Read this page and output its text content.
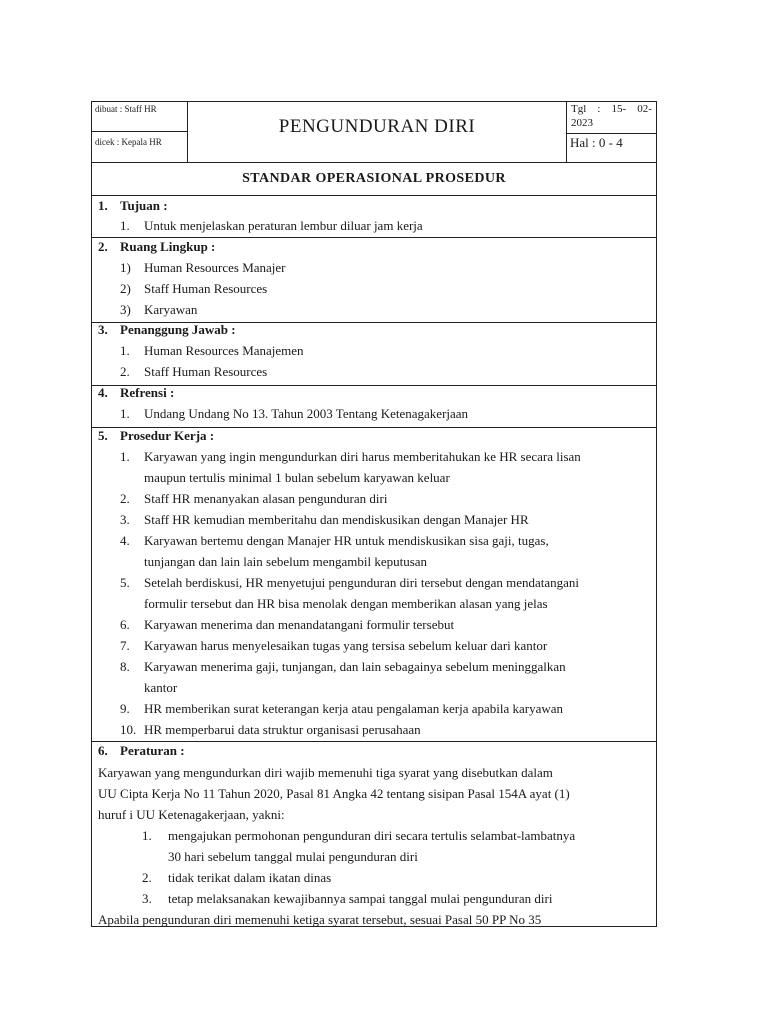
dibuat : Staff HR
dicek : Kepala HR
PENGUNDURAN DIRI
Tgl : 15- 02-
2023
Hal : 0 - 4
STANDAR OPERASIONAL PROSEDUR
1. Tujuan :
1. Untuk menjelaskan peraturan lembur diluar jam kerja
2. Ruang Lingkup :
1) Human Resources Manajer
2) Staff Human Resources
3) Karyawan
3. Penanggung Jawab :
1. Human Resources Manajemen
2. Staff Human Resources
4. Refrensi :
1. Undang Undang No 13. Tahun 2003 Tentang Ketenagakerjaan
5. Prosedur Kerja :
1. Karyawan yang ingin mengundurkan diri harus memberitahukan ke HR secara lisan
maupun tertulis minimal 1 bulan sebelum karyawan keluar
2. Staff HR menanyakan alasan pengunduran diri
3. Staff HR kemudian memberitahu dan mendiskusikan dengan Manajer HR
4. Karyawan bertemu dengan Manajer HR untuk mendiskusikan sisa gaji, tugas,
tunjangan dan lain lain sebelum mengambil keputusan
5. Setelah berdiskusi, HR menyetujui pengunduran diri tersebut dengan mendatangani
formulir tersebut dan HR bisa menolak dengan memberikan alasan yang jelas
6. Karyawan menerima dan menandatangani formulir tersebut
7. Karyawan harus menyelesaikan tugas yang tersisa sebelum keluar dari kantor
8. Karyawan menerima gaji, tunjangan, dan lain sebagainya sebelum meninggalkan
kantor
9. HR memberikan surat keterangan kerja atau pengalaman kerja apabila karyawan
10. HR memperbarui data struktur organisasi perusahaan
6. Peraturan :
Karyawan yang mengundurkan diri wajib memenuhi tiga syarat yang disebutkan dalam
UU Cipta Kerja No 11 Tahun 2020, Pasal 81 Angka 42 tentang sisipan Pasal 154A ayat (1)
huruf i UU Ketenagakerjaan, yakni:
1. mengajukan permohonan pengunduran diri secara tertulis selambat-lambatnya
30 hari sebelum tanggal mulai pengunduran diri
2. tidak terikat dalam ikatan dinas
3. tetap melaksanakan kewajibannya sampai tanggal mulai pengunduran diri
Apabila pengunduran diri memenuhi ketiga syarat tersebut, sesuai Pasal 50 PP No 35
